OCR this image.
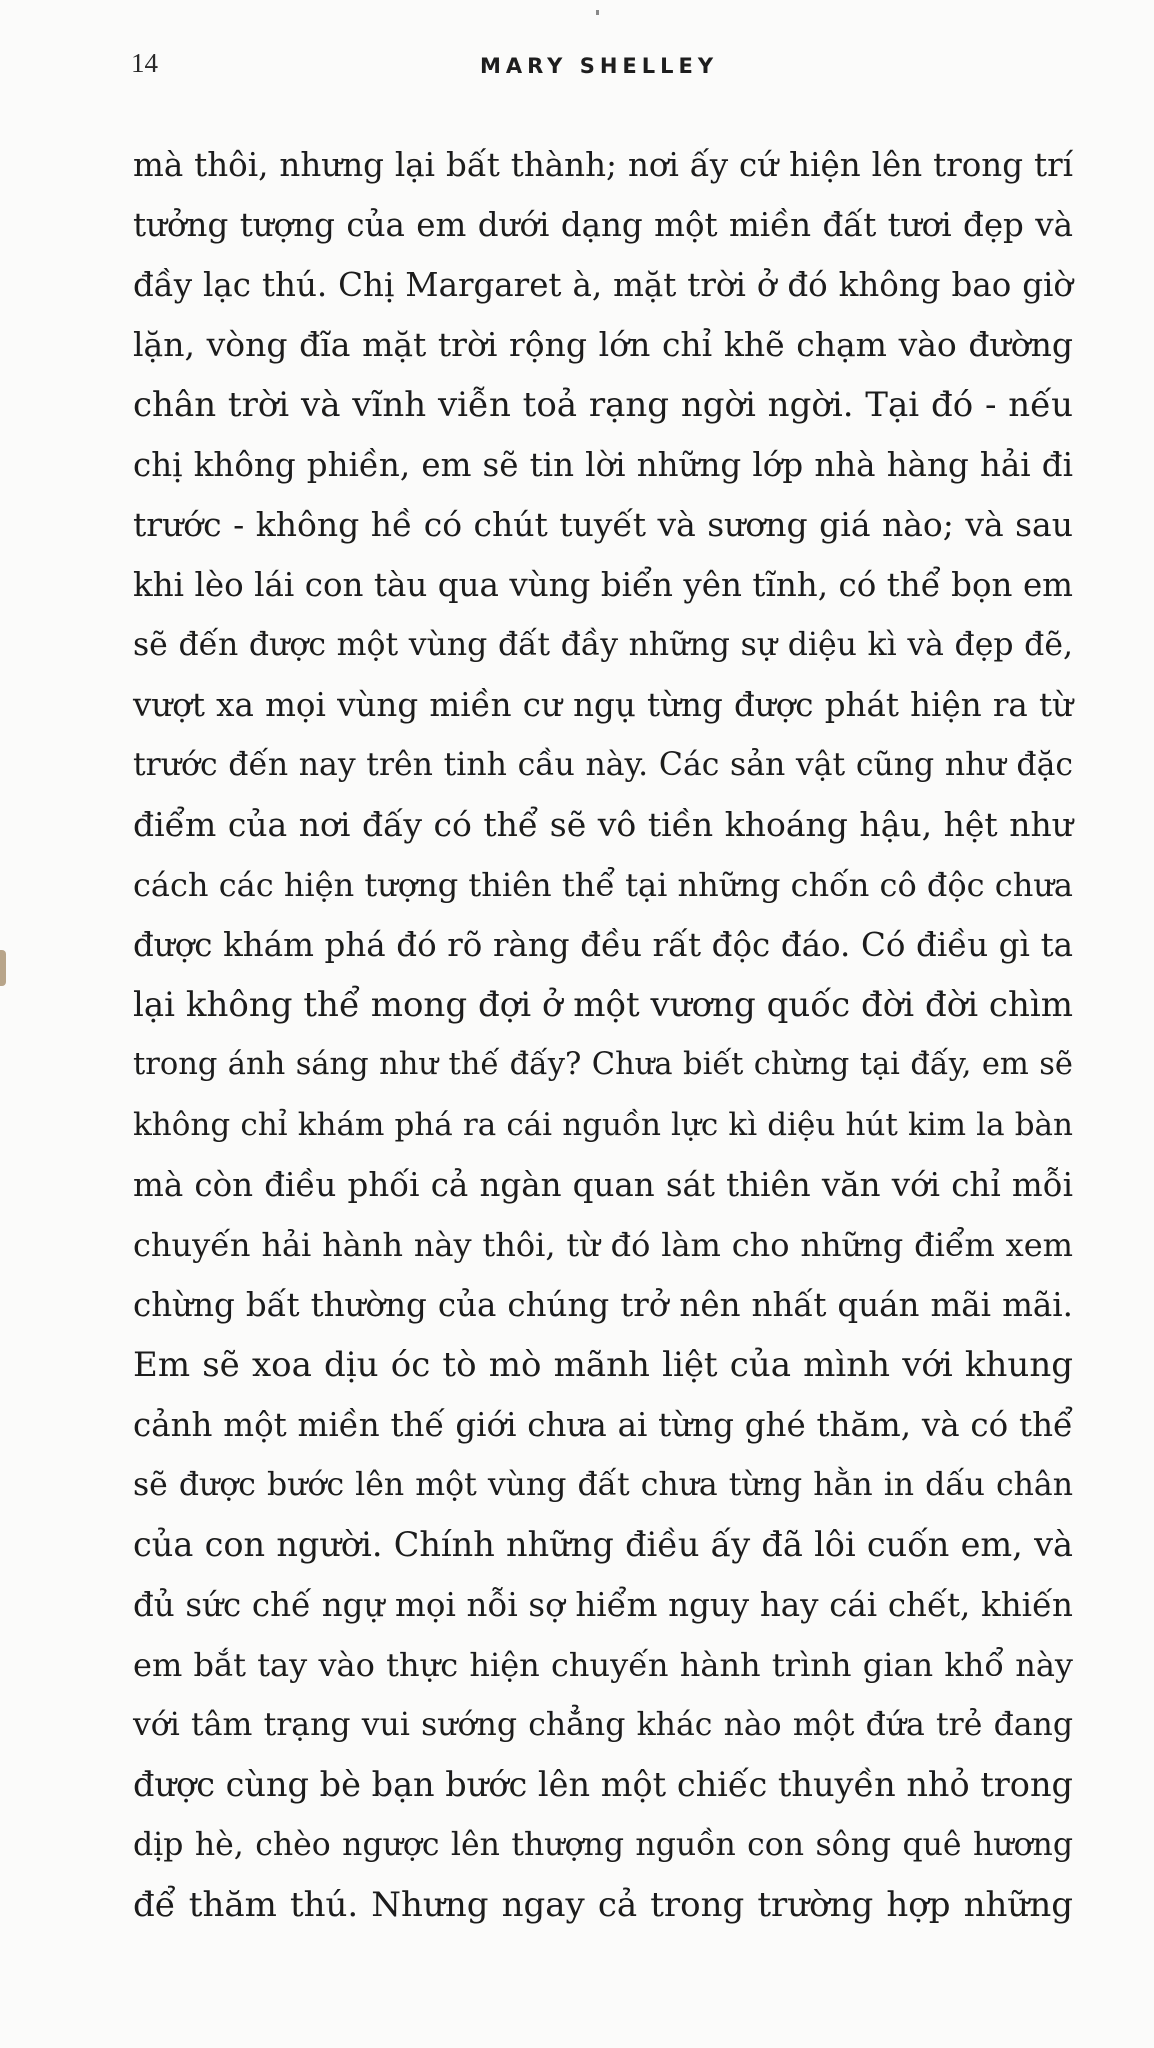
14	MARY SHELLEY

mà thôi, nhưng lại bất thành; nơi ấy cứ hiện lên trong trí
tưởng tượng của em dưới dạng một miền đất tươi đẹp và
đầy lạc thú. Chị Margaret à, mặt trời ở đó không bao giờ
lặn, vòng đĩa mặt trời rộng lớn chỉ khẽ chạm vào đường
chân trời và vĩnh viễn toả rạng ngời ngời. Tại đó - nếu
chị không phiền, em sẽ tin lời những lớp nhà hàng hải đi
trước - không hề có chút tuyết và sương giá nào; và sau
khi lèo lái con tàu qua vùng biển yên tĩnh, có thể bọn em
sẽ đến được một vùng đất đầy những sự diệu kì và đẹp đẽ,
vượt xa mọi vùng miền cư ngụ từng được phát hiện ra từ
trước đến nay trên tinh cầu này. Các sản vật cũng như đặc
điểm của nơi đấy có thể sẽ vô tiền khoáng hậu, hệt như
cách các hiện tượng thiên thể tại những chốn cô độc chưa
được khám phá đó rõ ràng đều rất độc đáo. Có điều gì ta
lại không thể mong đợi ở một vương quốc đời đời chìm
trong ánh sáng như thế đấy? Chưa biết chừng tại đấy, em sẽ
không chỉ khám phá ra cái nguồn lực kì diệu hút kim la bàn
mà còn điều phối cả ngàn quan sát thiên văn với chỉ mỗi
chuyến hải hành này thôi, từ đó làm cho những điểm xem
chừng bất thường của chúng trở nên nhất quán mãi mãi.
Em sẽ xoa dịu óc tò mò mãnh liệt của mình với khung
cảnh một miền thế giới chưa ai từng ghé thăm, và có thể
sẽ được bước lên một vùng đất chưa từng hằn in dấu chân
của con người. Chính những điều ấy đã lôi cuốn em, và
đủ sức chế ngự mọi nỗi sợ hiểm nguy hay cái chết, khiến
em bắt tay vào thực hiện chuyến hành trình gian khổ này
với tâm trạng vui sướng chẳng khác nào một đứa trẻ đang
được cùng bè bạn bước lên một chiếc thuyền nhỏ trong
dịp hè, chèo ngược lên thượng nguồn con sông quê hương
để thăm thú. Nhưng ngay cả trong trường hợp những
